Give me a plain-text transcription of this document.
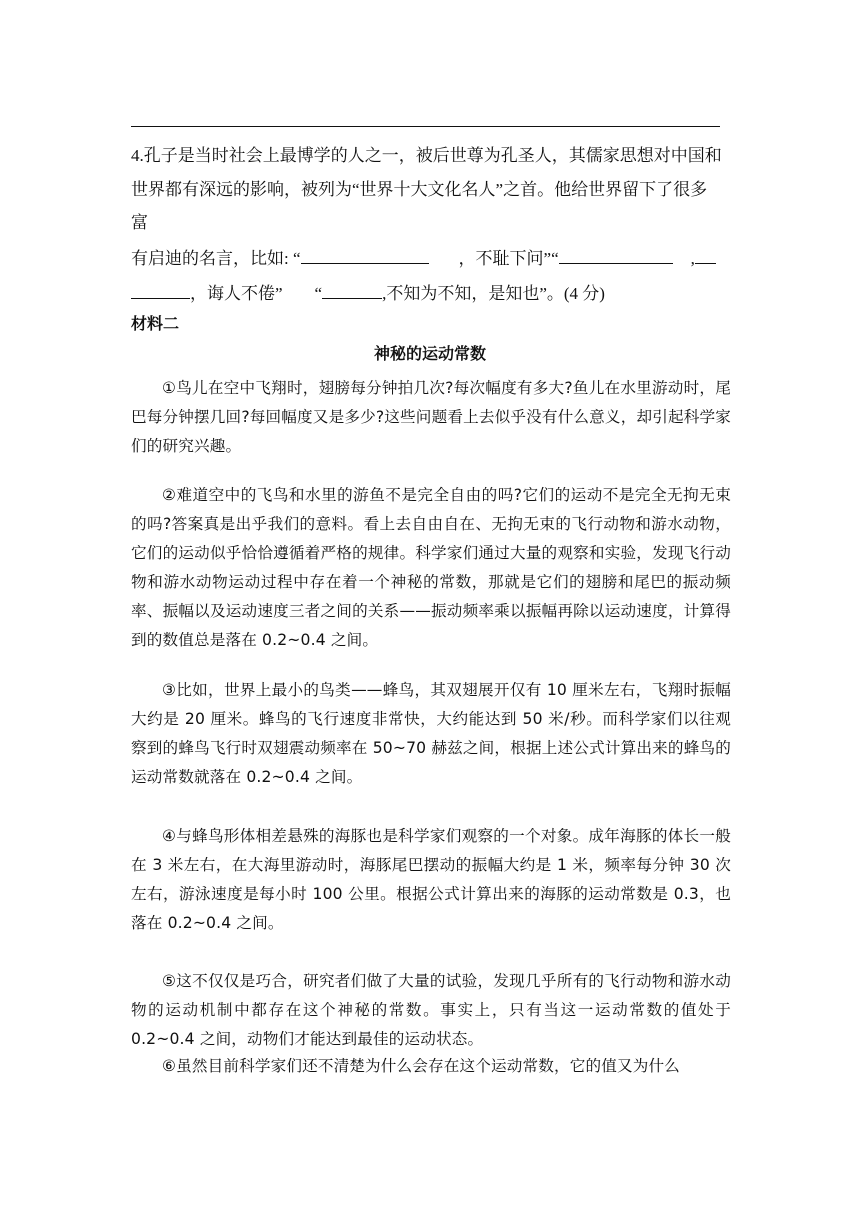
4.孔子是当时社会上最博学的人之一，被后世尊为孔圣人，其儒家思想对中国和
世界都有深远的影响，被列为“世界十大文化名人”之首。他给世界留下了很多
富
有启迪的名言，比如: “	，不耻下问”“	,
，诲人不倦” “	,不知为不知，是知也”。(4 分)
材料二
神秘的运动常数

①鸟儿在空中飞翔时，翅膀每分钟拍几次?每次幅度有多大?鱼儿在水里游动时，尾巴每分钟摆几回?每回幅度又是多少?这些问题看上去似乎没有什么意义，却引起科学家们的研究兴趣。

②难道空中的飞鸟和水里的游鱼不是完全自由的吗?它们的运动不是完全无拘无束的吗?答案真是出乎我们的意料。看上去自由自在、无拘无束的飞行动物和游水动物，它们的运动似乎恰恰遵循着严格的规律。科学家们通过大量的观察和实验，发现飞行动物和游水动物运动过程中存在着一个神秘的常数，那就是它们的翅膀和尾巴的振动频率、振幅以及运动速度三者之间的关系——振动频率乘以振幅再除以运动速度，计算得到的数值总是落在 0.2~0.4 之间。

③比如，世界上最小的鸟类——蜂鸟，其双翅展开仅有 10 厘米左右，飞翔时振幅大约是 20 厘米。蜂鸟的飞行速度非常快，大约能达到 50 米/秒。而科学家们以往观察到的蜂鸟飞行时双翅震动频率在 50~70 赫兹之间，根据上述公式计算出来的蜂鸟的运动常数就落在 0.2~0.4 之间。

④与蜂鸟形体相差悬殊的海豚也是科学家们观察的一个对象。成年海豚的体长一般在 3 米左右，在大海里游动时，海豚尾巴摆动的振幅大约是 1 米，频率每分钟 30 次左右，游泳速度是每小时 100 公里。根据公式计算出来的海豚的运动常数是 0.3，也落在 0.2~0.4 之间。

⑤这不仅仅是巧合，研究者们做了大量的试验，发现几乎所有的飞行动物和游水动物的运动机制中都存在这个神秘的常数。事实上，只有当这一运动常数的值处于 0.2~0.4 之间，动物们才能达到最佳的运动状态。

⑥虽然目前科学家们还不清楚为什么会存在这个运动常数，它的值又为什么
